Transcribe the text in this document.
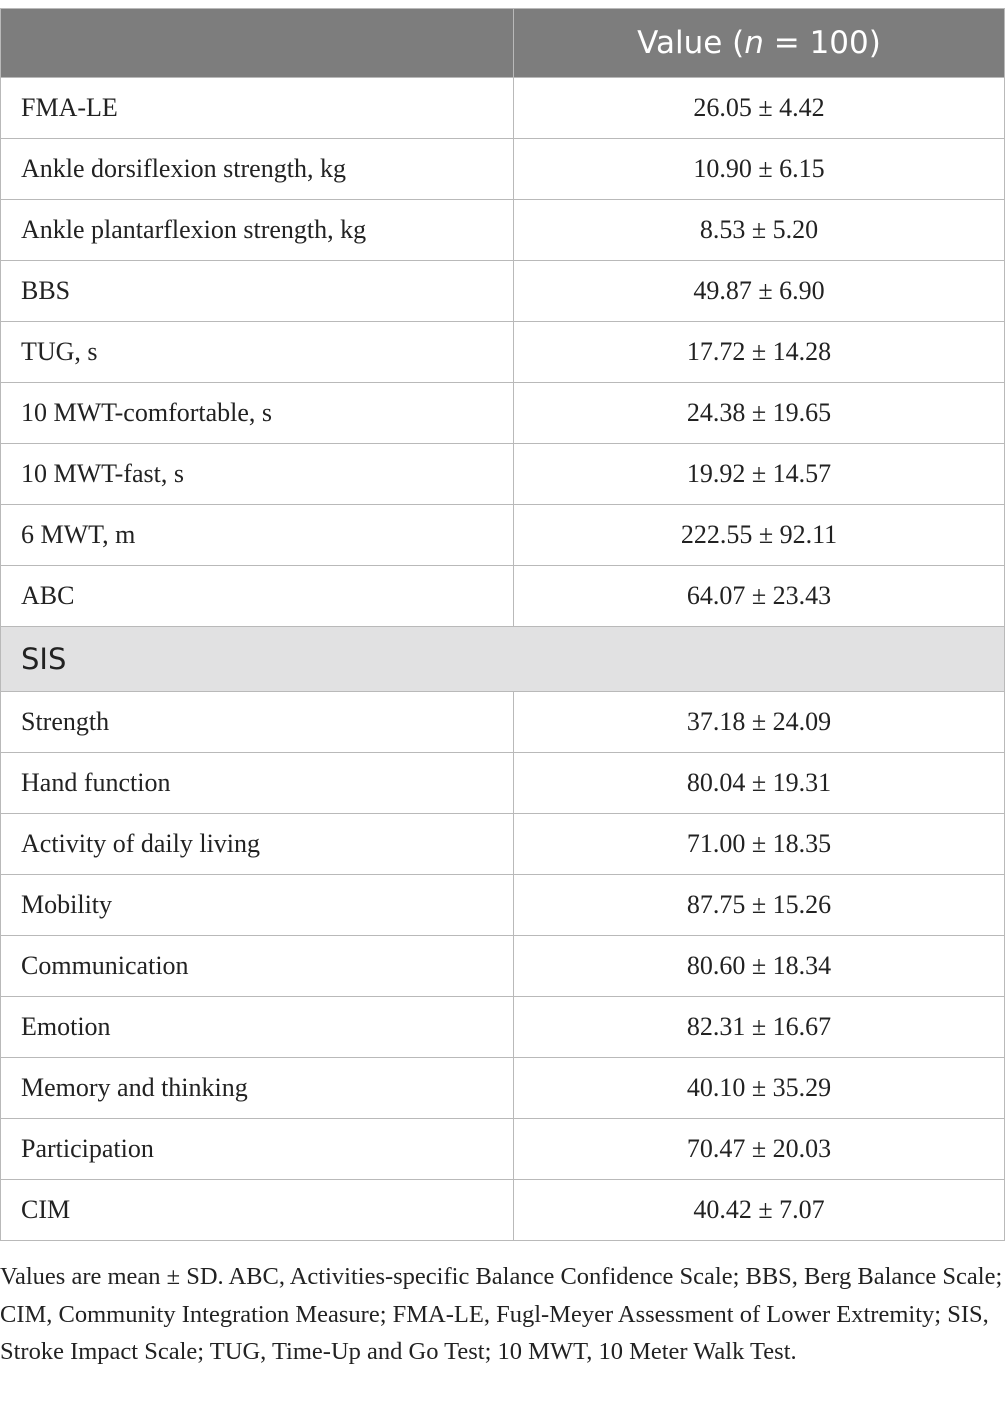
	Value (n = 100)
FMA-LE	26.05 ± 4.42
Ankle dorsiflexion strength, kg	10.90 ± 6.15
Ankle plantarflexion strength, kg	8.53 ± 5.20
BBS	49.87 ± 6.90
TUG, s	17.72 ± 14.28
10 MWT-comfortable, s	24.38 ± 19.65
10 MWT-fast, s	19.92 ± 14.57
6 MWT, m	222.55 ± 92.11
ABC	64.07 ± 23.43
SIS	
Strength	37.18 ± 24.09
Hand function	80.04 ± 19.31
Activity of daily living	71.00 ± 18.35
Mobility	87.75 ± 15.26
Communication	80.60 ± 18.34
Emotion	82.31 ± 16.67
Memory and thinking	40.10 ± 35.29
Participation	70.47 ± 20.03
CIM	40.42 ± 7.07
Values are mean ± SD. ABC, Activities-specific Balance Confidence Scale; BBS, Berg Balance Scale; CIM, Community Integration Measure; FMA-LE, Fugl-Meyer Assessment of Lower Extremity; SIS, Stroke Impact Scale; TUG, Time-Up and Go Test; 10 MWT, 10 Meter Walk Test.
